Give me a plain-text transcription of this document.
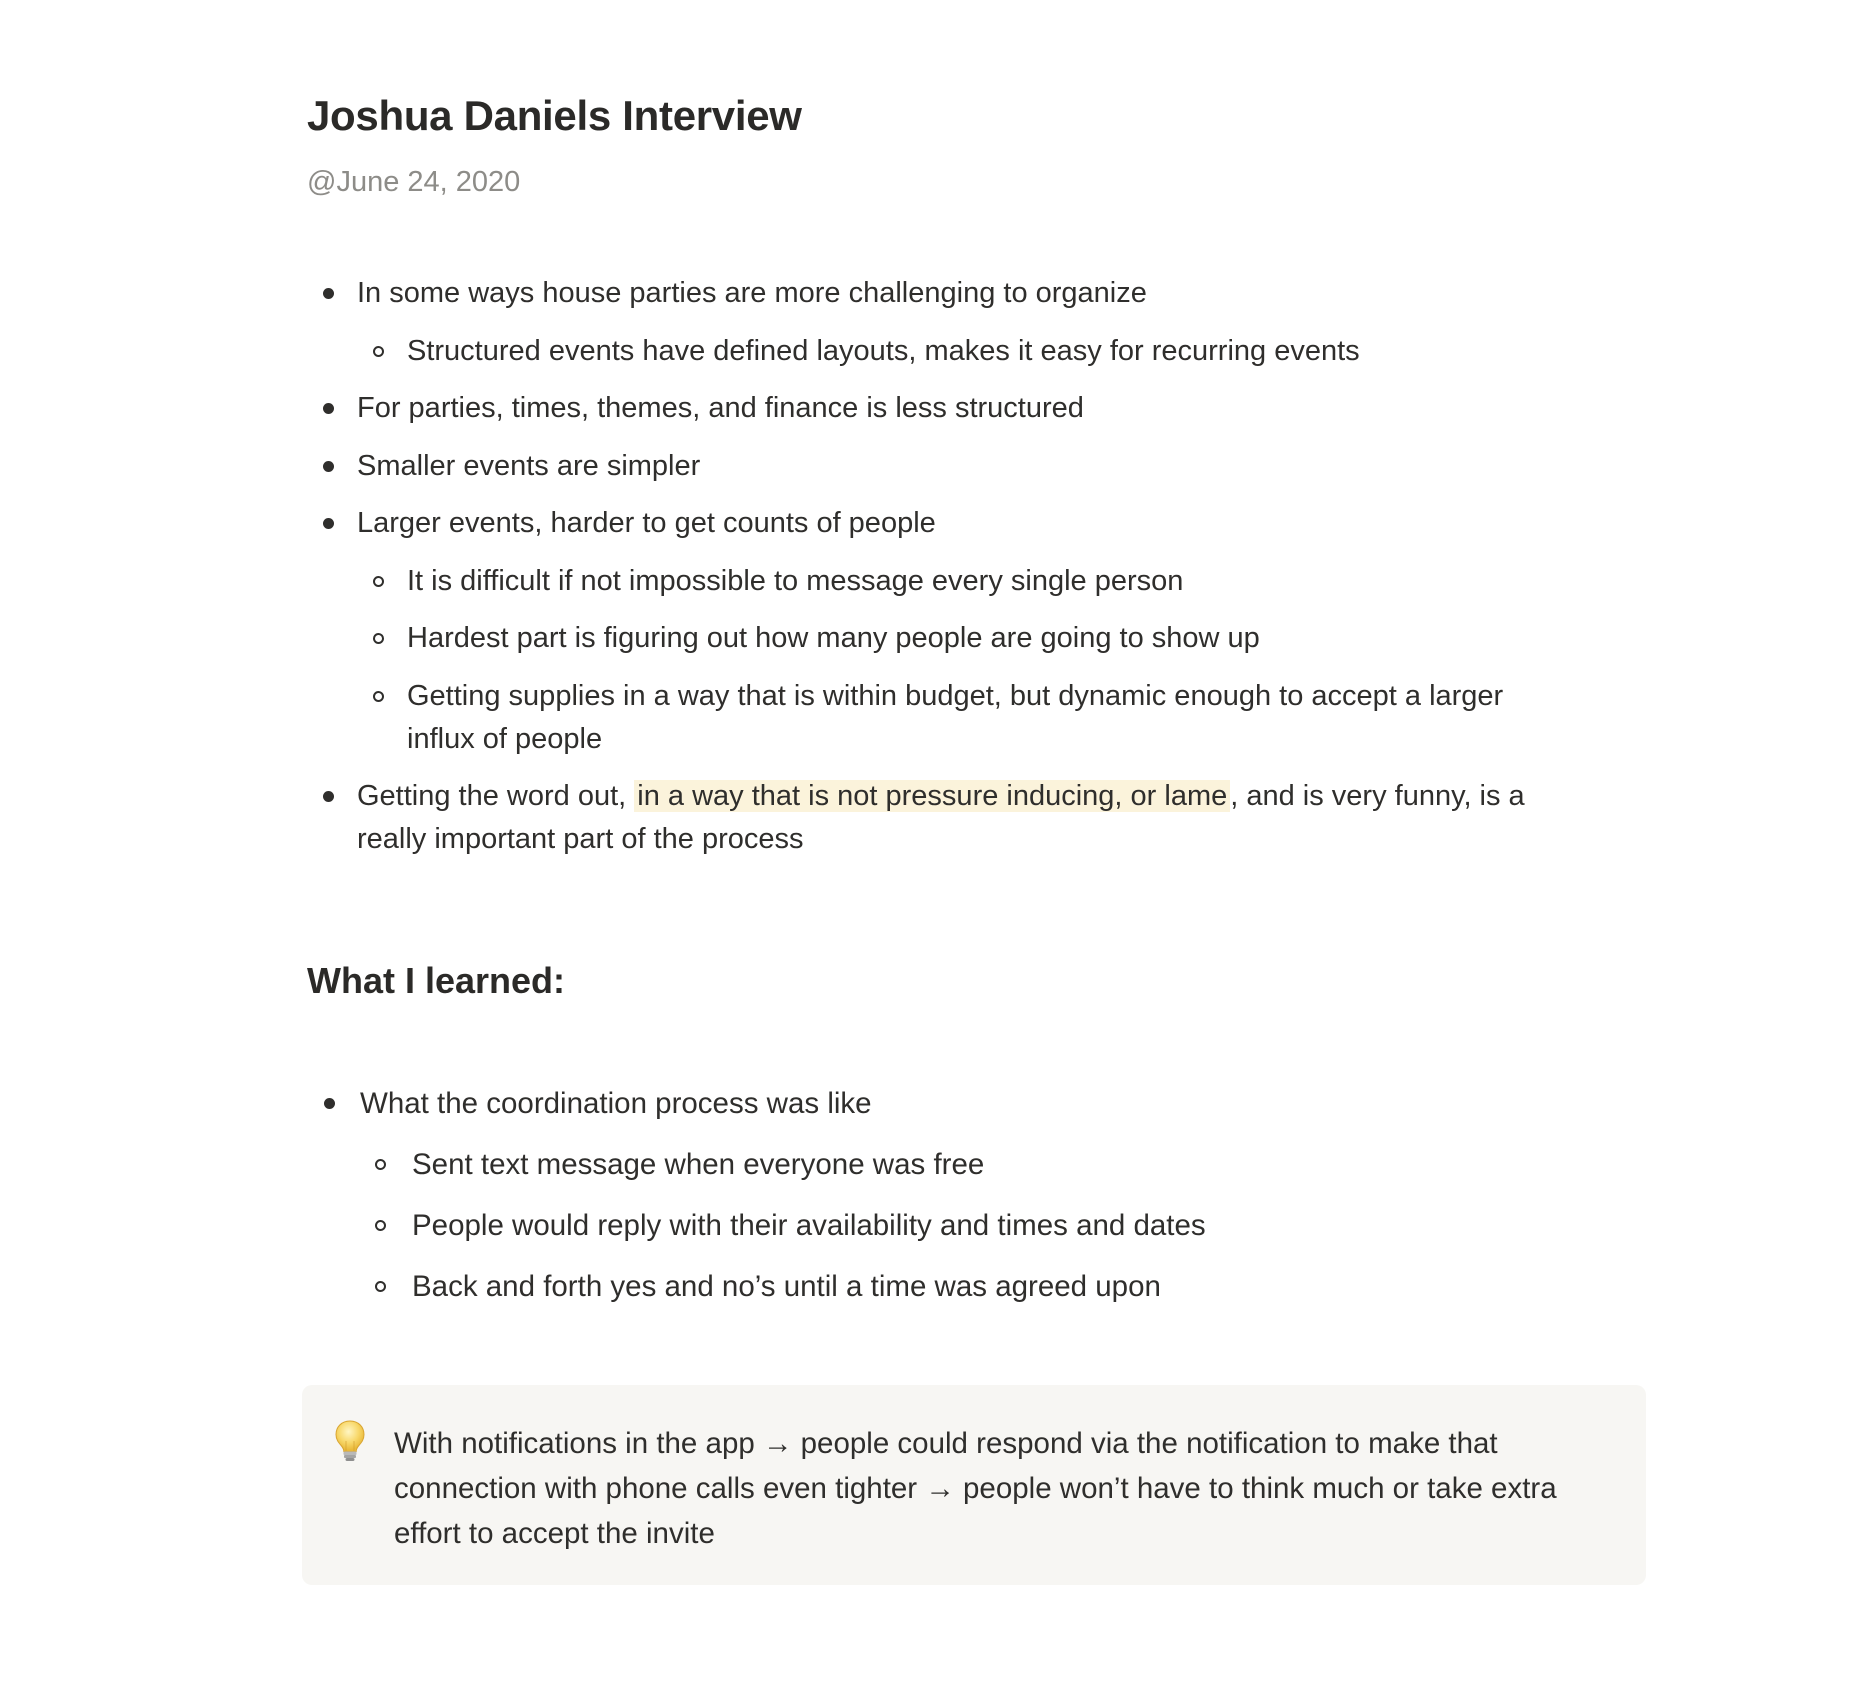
Joshua Daniels Interview
@June 24, 2020
In some ways house parties are more challenging to organize
Structured events have defined layouts, makes it easy for recurring events
For parties, times, themes, and finance is less structured
Smaller events are simpler
Larger events, harder to get counts of people
It is difficult if not impossible to message every single person
Hardest part is figuring out how many people are going to show up
Getting supplies in a way that is within budget, but dynamic enough to accept a larger influx of people
Getting the word out, in a way that is not pressure inducing, or lame , and is very funny, is a really important part of the process
What I learned:
What the coordination process was like
Sent text message when everyone was free
People would reply with their availability and times and dates
Back and forth yes and no’s until a time was agreed upon
With notifications in the app → people could respond via the notification to make that connection with phone calls even tighter → people won’t have to think much or take extra effort to accept the invite
